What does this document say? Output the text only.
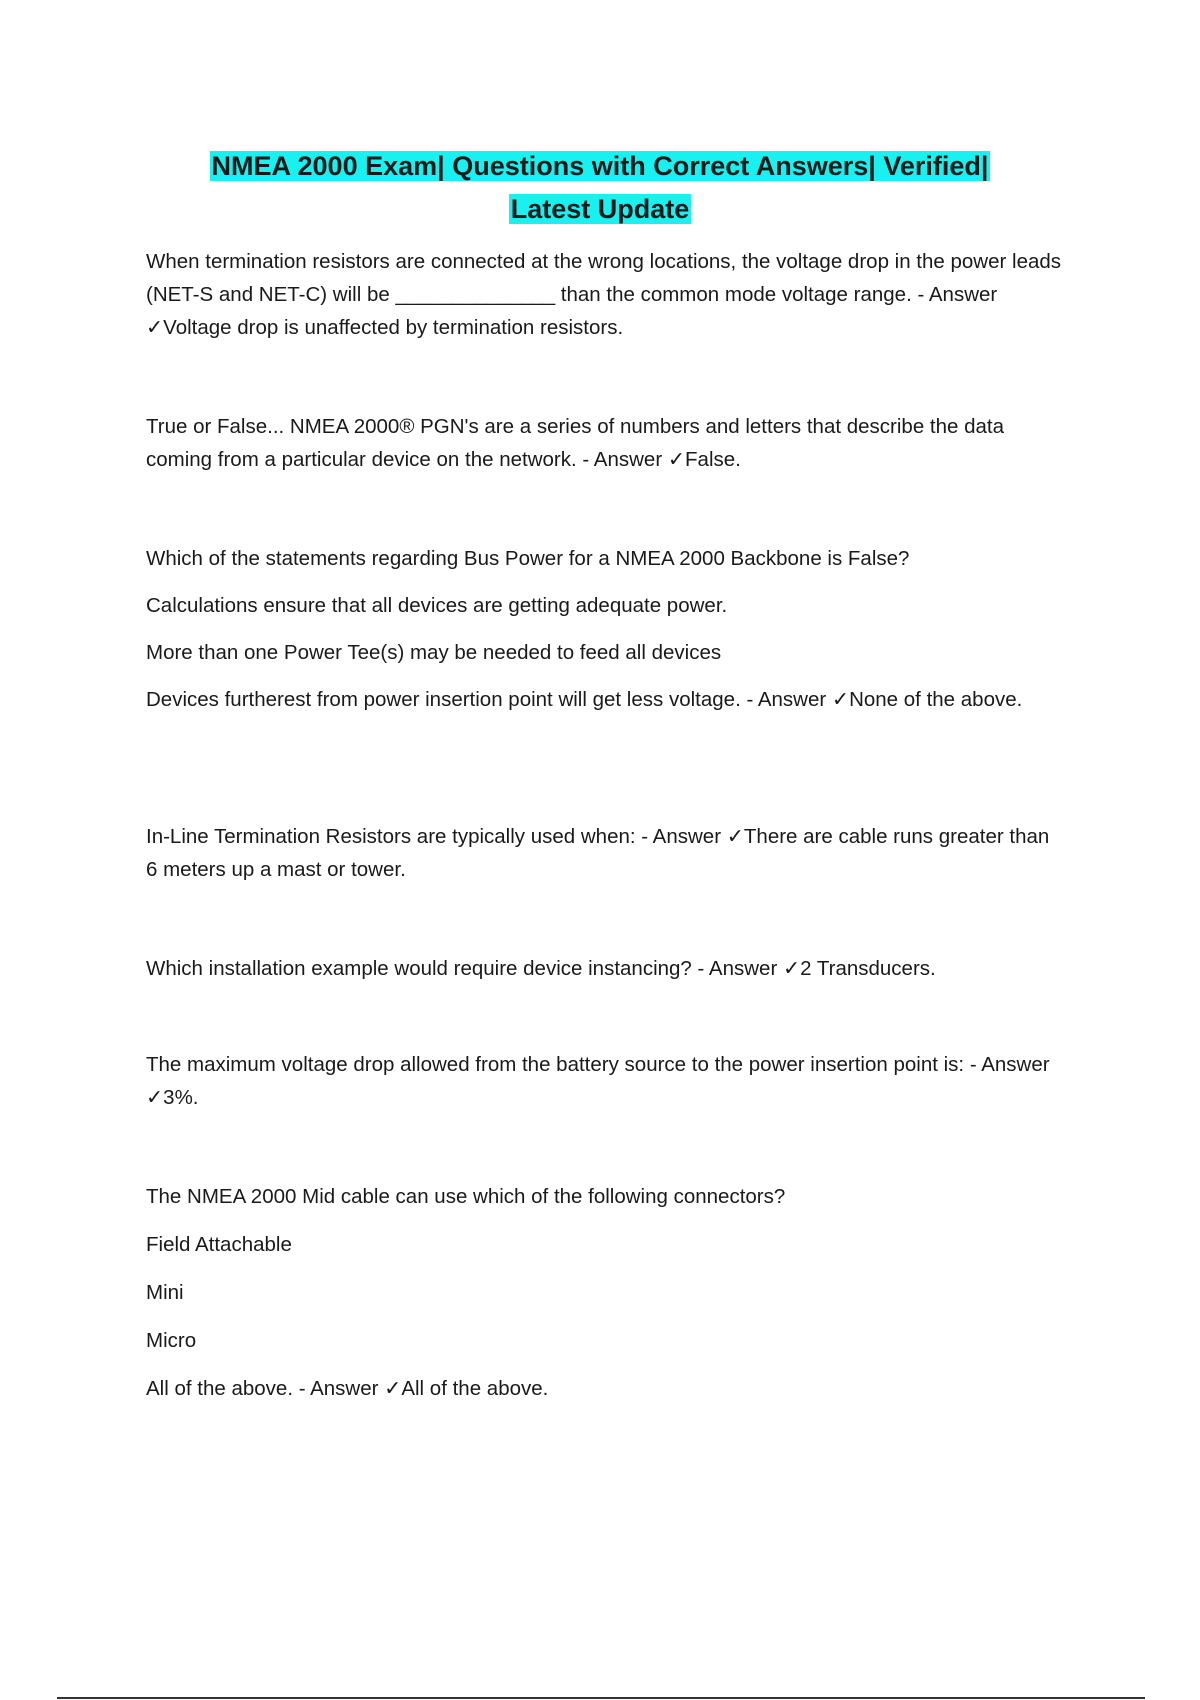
NMEA 2000 Exam| Questions with Correct Answers| Verified|
Latest Update

When termination resistors are connected at the wrong locations, the voltage drop in the power leads (NET-S and NET-C) will be ______________ than the common mode voltage range. - Answer ✓Voltage drop is unaffected by termination resistors.

True or False... NMEA 2000® PGN's are a series of numbers and letters that describe the data coming from a particular device on the network. - Answer ✓False.

Which of the statements regarding Bus Power for a NMEA 2000 Backbone is False?

Calculations ensure that all devices are getting adequate power.

More than one Power Tee(s) may be needed to feed all devices

Devices furtherest from power insertion point will get less voltage. - Answer ✓None of the above.

In-Line Termination Resistors are typically used when: - Answer ✓There are cable runs greater than 6 meters up a mast or tower.

Which installation example would require device instancing? - Answer ✓2 Transducers.

The maximum voltage drop allowed from the battery source to the power insertion point is: - Answer ✓3%.

The NMEA 2000 Mid cable can use which of the following connectors?

Field Attachable

Mini

Micro

All of the above. - Answer ✓All of the above.
